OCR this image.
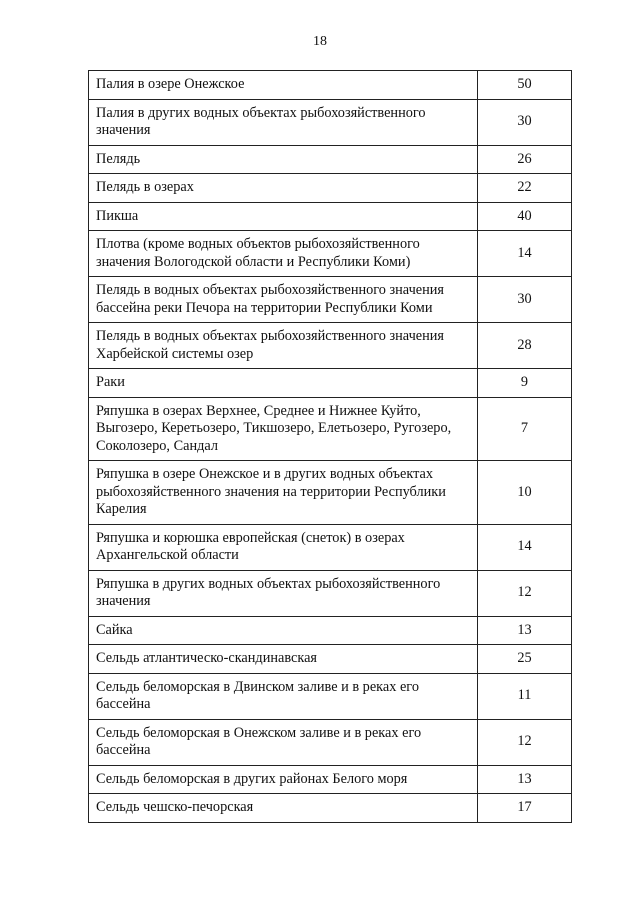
18
Палия в озере Онежское	50
Палия в других водных объектах рыбохозяйственного значения	30
Пелядь	26
Пелядь в озерах	22
Пикша	40
Плотва (кроме водных объектов рыбохозяйственного значения Вологодской области и Республики Коми)	14
Пелядь в водных объектах рыбохозяйственного значения бассейна реки Печора на территории Республики Коми	30
Пелядь в водных объектах рыбохозяйственного значения Харбейской системы озер	28
Раки	9
Ряпушка в озерах Верхнее, Среднее и Нижнее Куйто, Выгозеро, Керетьозеро, Тикшозеро, Елетьозеро, Ругозеро, Соколозеро, Сандал	7
Ряпушка в озере Онежское и в других водных объектах рыбохозяйственного значения на территории Республики Карелия	10
Ряпушка и корюшка европейская (снеток) в озерах Архангельской области	14
Ряпушка в других водных объектах рыбохозяйственного значения	12
Сайка	13
Сельдь атлантическо-скандинавская	25
Сельдь беломорская в Двинском заливе и в реках его бассейна	11
Сельдь беломорская в Онежском заливе и в реках его бассейна	12
Сельдь беломорская в других районах Белого моря	13
Сельдь чешско-печорская	17
